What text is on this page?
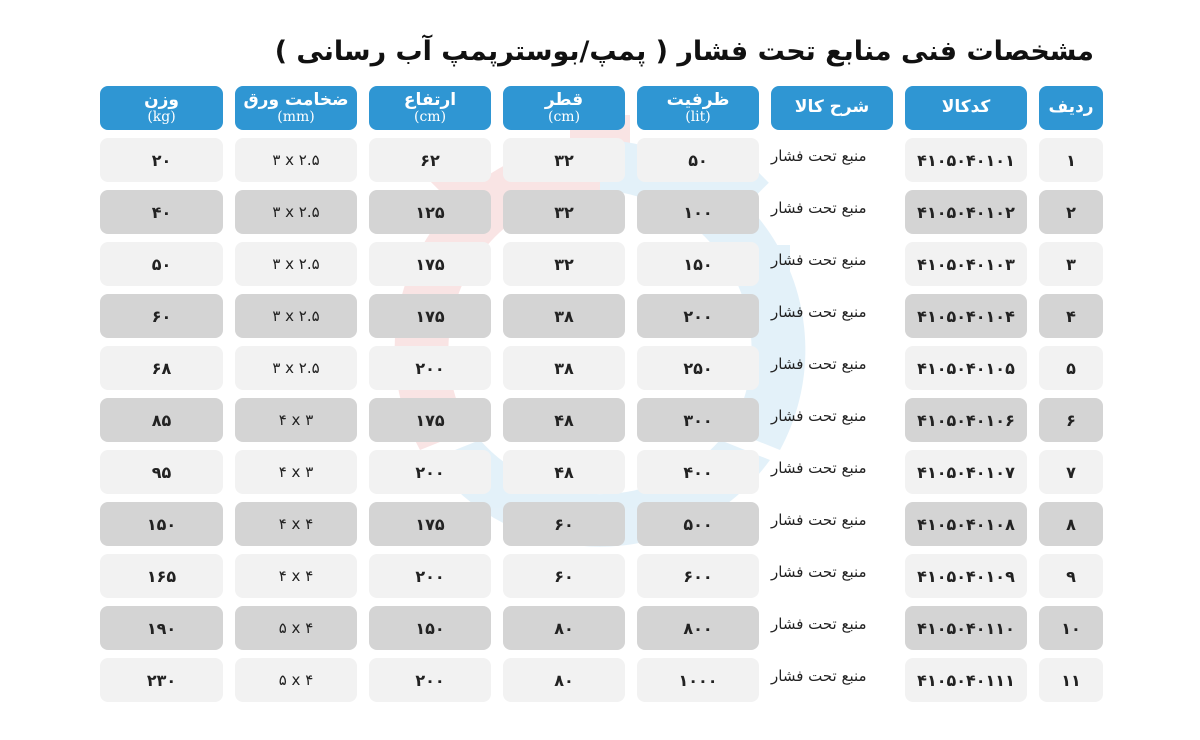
مشخصات فنی منابع تحت فشار ( پمپ/بوسترپمپ آب رسانی )
ردیف
کدکالا
شرح کالا
ظرفیت
(lit)
قطر
(cm)
ارتفاع
(cm)
ضخامت ورق
(mm)
وزن
(kg)
۱
۴۱۰۵۰۴۰۱۰۱
منبع تحت فشار
۵۰
۳۲
۶۲
۳ x ۲.۵
۲۰
۲
۴۱۰۵۰۴۰۱۰۲
منبع تحت فشار
۱۰۰
۳۲
۱۲۵
۳ x ۲.۵
۴۰
۳
۴۱۰۵۰۴۰۱۰۳
منبع تحت فشار
۱۵۰
۳۲
۱۷۵
۳ x ۲.۵
۵۰
۴
۴۱۰۵۰۴۰۱۰۴
منبع تحت فشار
۲۰۰
۳۸
۱۷۵
۳ x ۲.۵
۶۰
۵
۴۱۰۵۰۴۰۱۰۵
منبع تحت فشار
۲۵۰
۳۸
۲۰۰
۳ x ۲.۵
۶۸
۶
۴۱۰۵۰۴۰۱۰۶
منبع تحت فشار
۳۰۰
۴۸
۱۷۵
۴ x ۳
۸۵
۷
۴۱۰۵۰۴۰۱۰۷
منبع تحت فشار
۴۰۰
۴۸
۲۰۰
۴ x ۳
۹۵
۸
۴۱۰۵۰۴۰۱۰۸
منبع تحت فشار
۵۰۰
۶۰
۱۷۵
۴ x ۴
۱۵۰
۹
۴۱۰۵۰۴۰۱۰۹
منبع تحت فشار
۶۰۰
۶۰
۲۰۰
۴ x ۴
۱۶۵
۱۰
۴۱۰۵۰۴۰۱۱۰
منبع تحت فشار
۸۰۰
۸۰
۱۵۰
۵ x ۴
۱۹۰
۱۱
۴۱۰۵۰۴۰۱۱۱
منبع تحت فشار
۱۰۰۰
۸۰
۲۰۰
۵ x ۴
۲۳۰
